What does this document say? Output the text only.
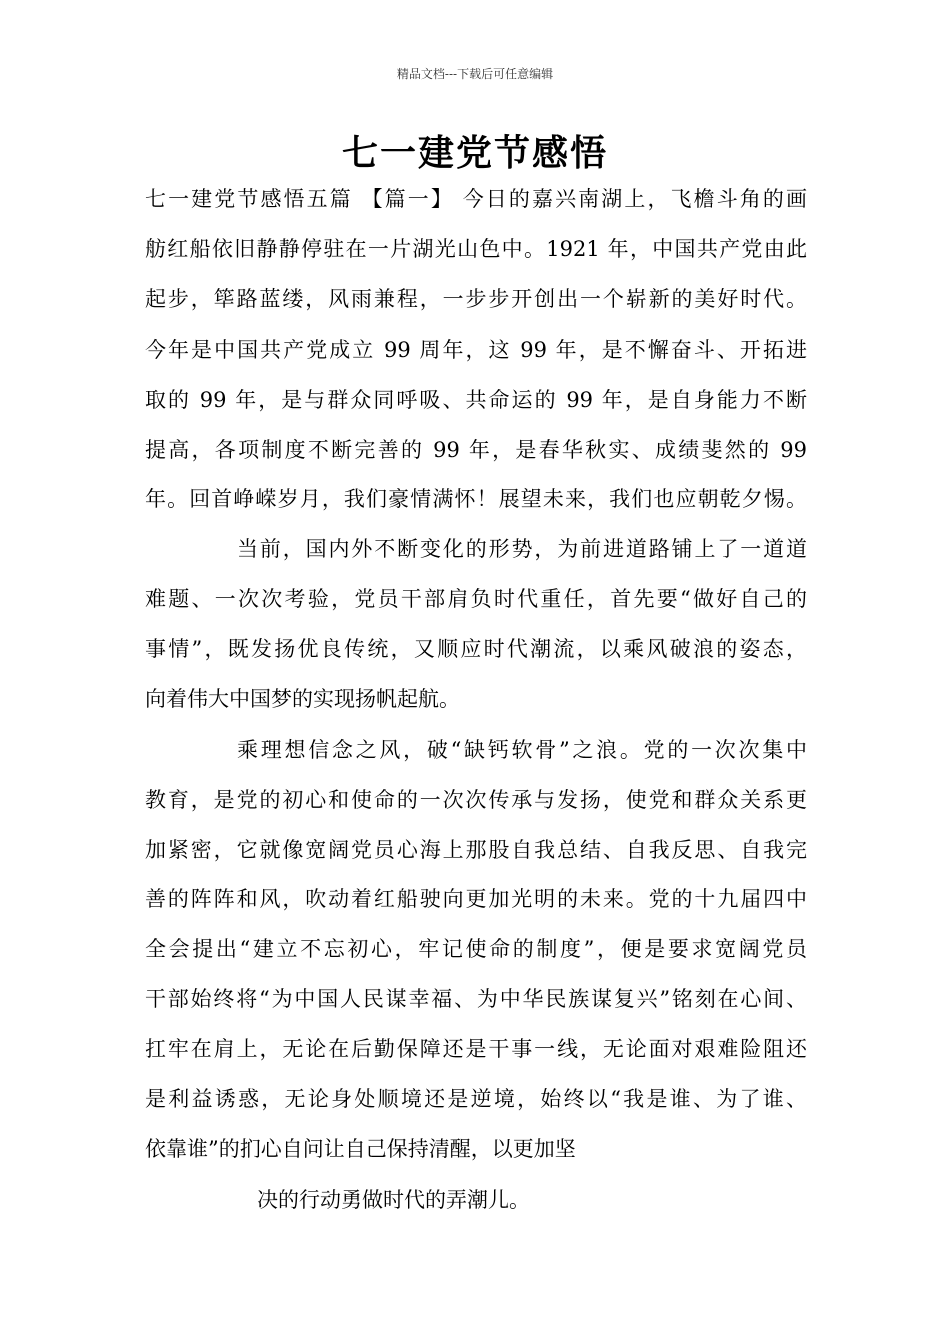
精品文档---下载后可任意编辑
七一建党节感悟
七一建党节感悟五篇 【篇一】 今日的嘉兴南湖上，飞檐斗角的画
舫红船依旧静静停驻在一片湖光山色中。1921 年，中国共产党由此
起步，筚路蓝缕，风雨兼程，一步步开创出一个崭新的美好时代。
今年是中国共产党成立 99 周年，这 99 年，是不懈奋斗、开拓进
取的 99 年，是与群众同呼吸、共命运的 99 年，是自身能力不断
提高，各项制度不断完善的 99 年，是春华秋实、成绩斐然的 99
年。回首峥嵘岁月，我们豪情满怀！展望未来，我们也应朝乾夕惕。
当前，国内外不断变化的形势，为前进道路铺上了一道道
难题、一次次考验，党员干部肩负时代重任，首先要“做好自己的
事情”，既发扬优良传统，又顺应时代潮流，以乘风破浪的姿态，
向着伟大中国梦的实现扬帆起航。
乘理想信念之风，破“缺钙软骨”之浪。党的一次次集中
教育，是党的初心和使命的一次次传承与发扬，使党和群众关系更
加紧密，它就像宽阔党员心海上那股自我总结、自我反思、自我完
善的阵阵和风，吹动着红船驶向更加光明的未来。党的十九届四中
全会提出“建立不忘初心，牢记使命的制度”，便是要求宽阔党员
干部始终将“为中国人民谋幸福、为中华民族谋复兴”铭刻在心间、
扛牢在肩上，无论在后勤保障还是干事一线，无论面对艰难险阻还
是利益诱惑，无论身处顺境还是逆境，始终以“我是谁、为了谁、
依靠谁”的扪心自问让自己保持清醒，以更加坚
决的行动勇做时代的弄潮儿。
